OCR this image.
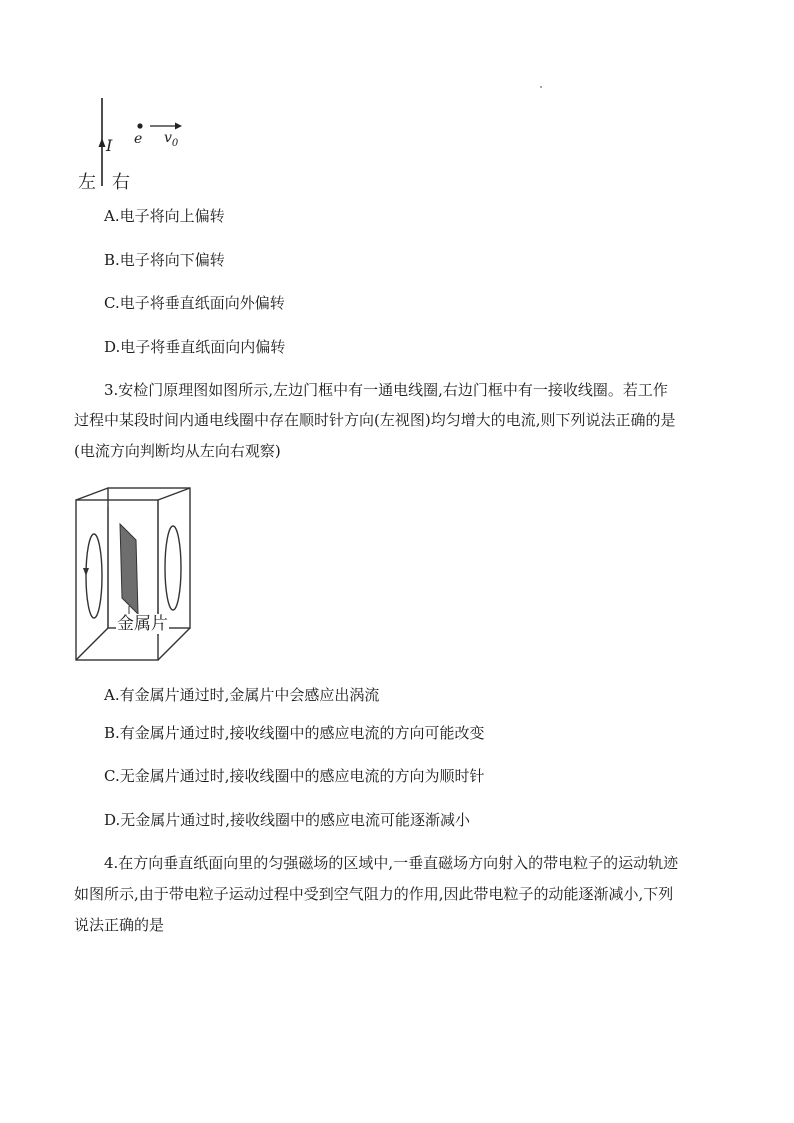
I e $v_0$
左 右
A.电子将向上偏转
B.电子将向下偏转
C.电子将垂直纸面向外偏转
D.电子将垂直纸面向内偏转
3.安检门原理图如图所示,左边门框中有一通电线圈,右边门框中有一接收线圈。若工作
过程中某段时间内通电线圈中存在顺时针方向(左视图)均匀增大的电流,则下列说法正确的是
(电流方向判断均从左向右观察)
金属片
A.有金属片通过时,金属片中会感应出涡流
B.有金属片通过时,接收线圈中的感应电流的方向可能改变
C.无金属片通过时,接收线圈中的感应电流的方向为顺时针
D.无金属片通过时,接收线圈中的感应电流可能逐渐减小
4.在方向垂直纸面向里的匀强磁场的区域中,一垂直磁场方向射入的带电粒子的运动轨迹
如图所示,由于带电粒子运动过程中受到空气阻力的作用,因此带电粒子的动能逐渐减小,下列
说法正确的是
